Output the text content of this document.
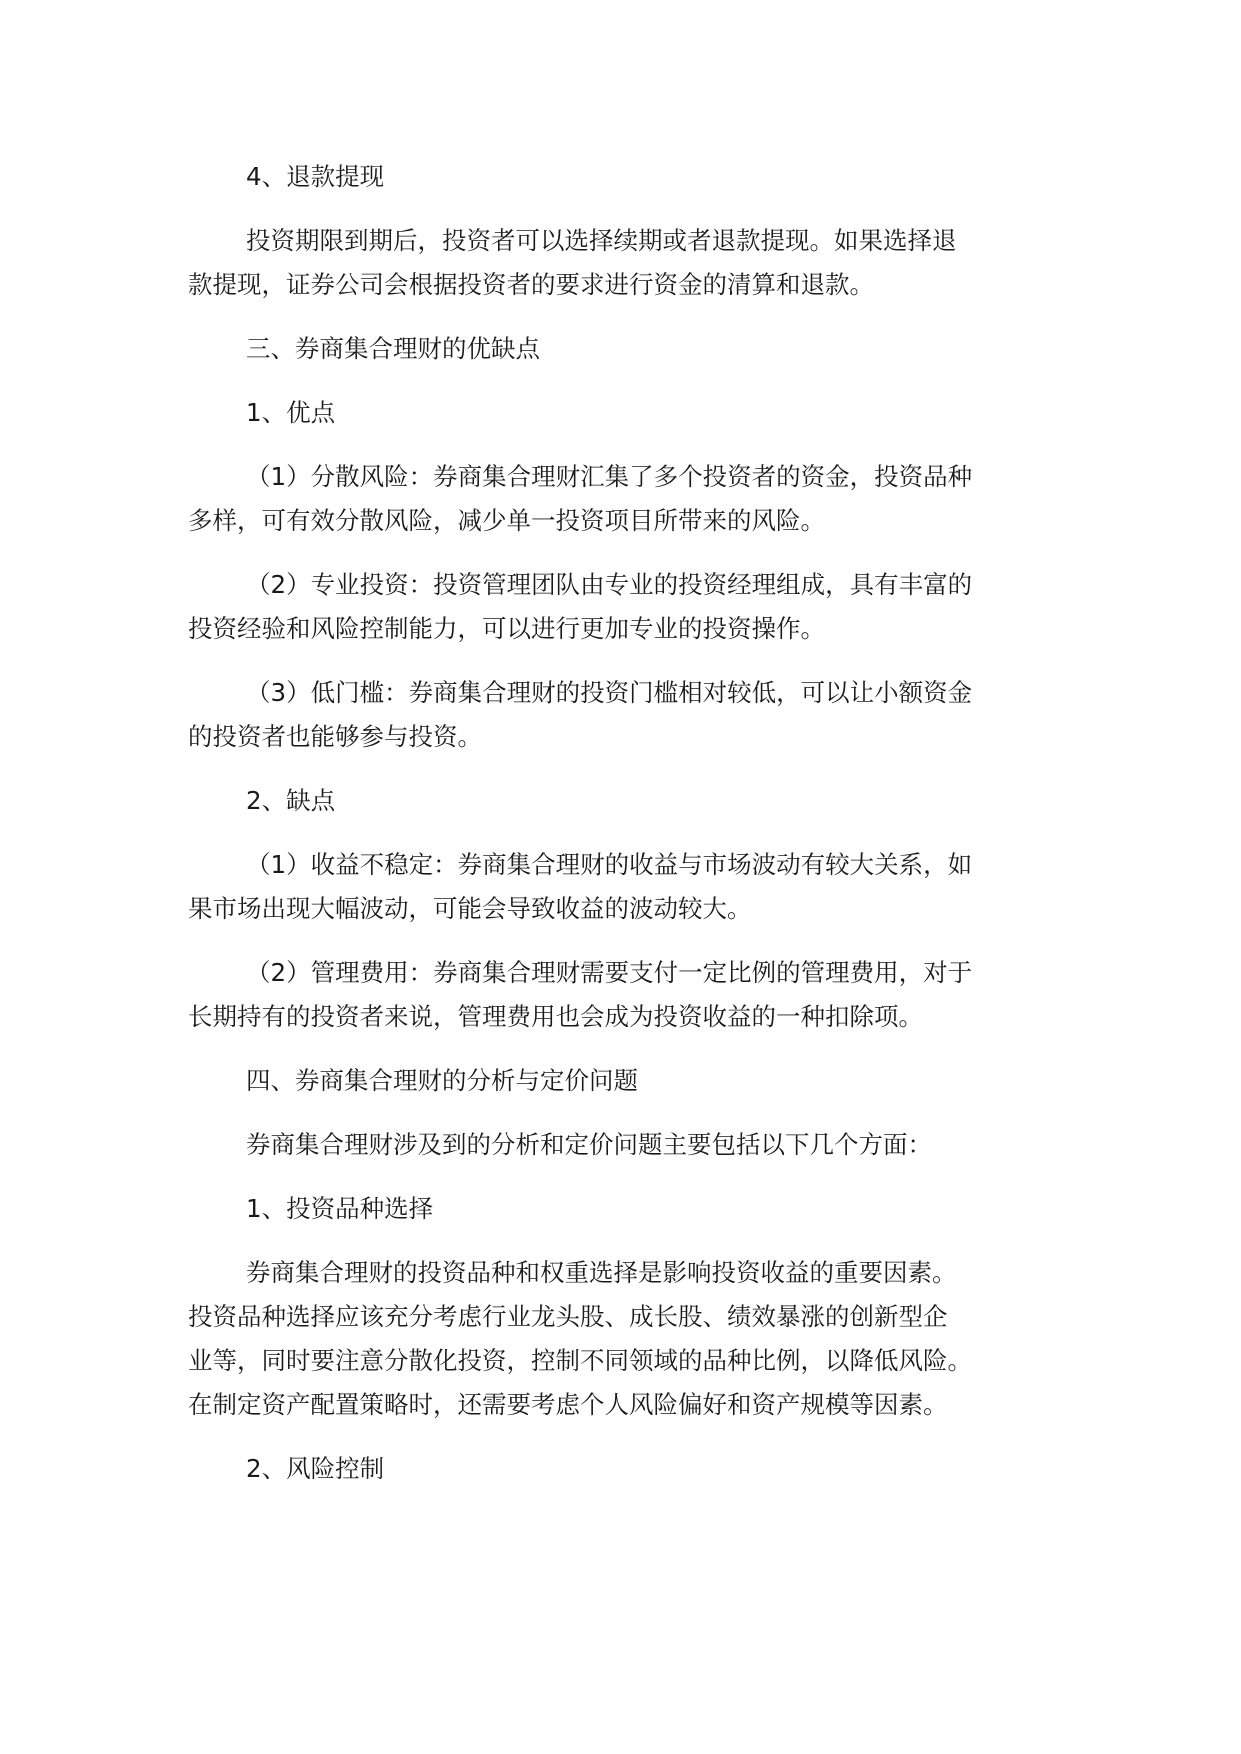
4、退款提现

投资期限到期后，投资者可以选择续期或者退款提现。如果选择退
款提现，证券公司会根据投资者的要求进行资金的清算和退款。

三、券商集合理财的优缺点

1、优点

（1）分散风险：券商集合理财汇集了多个投资者的资金，投资品种
多样，可有效分散风险，减少单一投资项目所带来的风险。

（2）专业投资：投资管理团队由专业的投资经理组成，具有丰富的
投资经验和风险控制能力，可以进行更加专业的投资操作。

（3）低门槛：券商集合理财的投资门槛相对较低，可以让小额资金
的投资者也能够参与投资。

2、缺点

（1）收益不稳定：券商集合理财的收益与市场波动有较大关系，如
果市场出现大幅波动，可能会导致收益的波动较大。

（2）管理费用：券商集合理财需要支付一定比例的管理费用，对于
长期持有的投资者来说，管理费用也会成为投资收益的一种扣除项。

四、券商集合理财的分析与定价问题

券商集合理财涉及到的分析和定价问题主要包括以下几个方面：

1、投资品种选择

券商集合理财的投资品种和权重选择是影响投资收益的重要因素。
投资品种选择应该充分考虑行业龙头股、成长股、绩效暴涨的创新型企
业等，同时要注意分散化投资，控制不同领域的品种比例，以降低风险。
在制定资产配置策略时，还需要考虑个人风险偏好和资产规模等因素。

2、风险控制
